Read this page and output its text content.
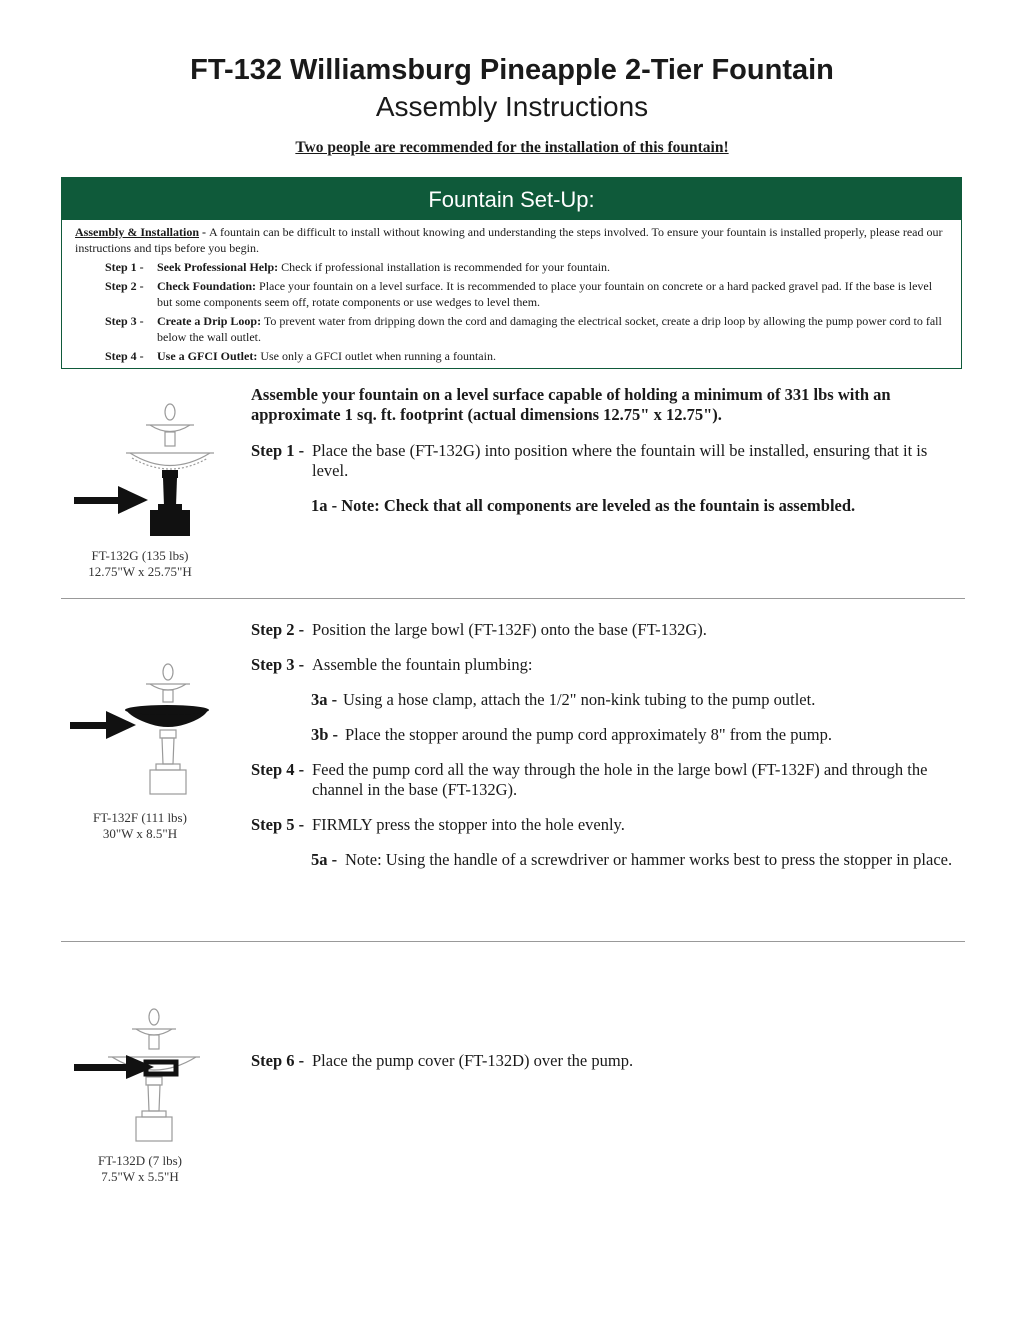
FT-132 Williamsburg Pineapple 2-Tier Fountain
Assembly Instructions
Two people are recommended for the installation of this fountain!
Fountain Set-Up:
Assembly & Installation - A fountain can be difficult to install without knowing and understanding the steps involved. To ensure your fountain is installed properly, please read our instructions and tips before you begin.
Step 1 - Seek Professional Help: Check if professional installation is recommended for your fountain.
Step 2 - Check Foundation: Place your fountain on a level surface. It is recommended to place your fountain on concrete or a hard packed gravel pad. If the base is level but some components seem off, rotate components or use wedges to level them.
Step 3 - Create a Drip Loop: To prevent water from dripping down the cord and damaging the electrical socket, create a drip loop by allowing the pump power cord to fall below the wall outlet.
Step 4 - Use a GFCI Outlet: Use only a GFCI outlet when running a fountain.
FT-132G (135 lbs)
12.75"W x 25.75"H
Assemble your fountain on a level surface capable of holding a minimum of 331 lbs with an approximate 1 sq. ft. footprint (actual dimensions 12.75" x 12.75").
Step 1 - Place the base (FT-132G) into position where the fountain will be installed, ensuring that it is level.
1a - Note: Check that all components are leveled as the fountain is assembled.
FT-132F (111 lbs)
30"W x 8.5"H
Step 2 - Position the large bowl (FT-132F) onto the base (FT-132G).
Step 3 - Assemble the fountain plumbing:
3a - Using a hose clamp, attach the 1/2" non-kink tubing to the pump outlet.
3b - Place the stopper around the pump cord approximately 8" from the pump.
Step 4 - Feed the pump cord all the way through the hole in the large bowl (FT-132F) and through the channel in the base (FT-132G).
Step 5 - FIRMLY press the stopper into the hole evenly.
5a - Note: Using the handle of a screwdriver or hammer works best to press the stopper in place.
FT-132D (7 lbs)
7.5"W x 5.5"H
Step 6 - Place the pump cover (FT-132D) over the pump.
